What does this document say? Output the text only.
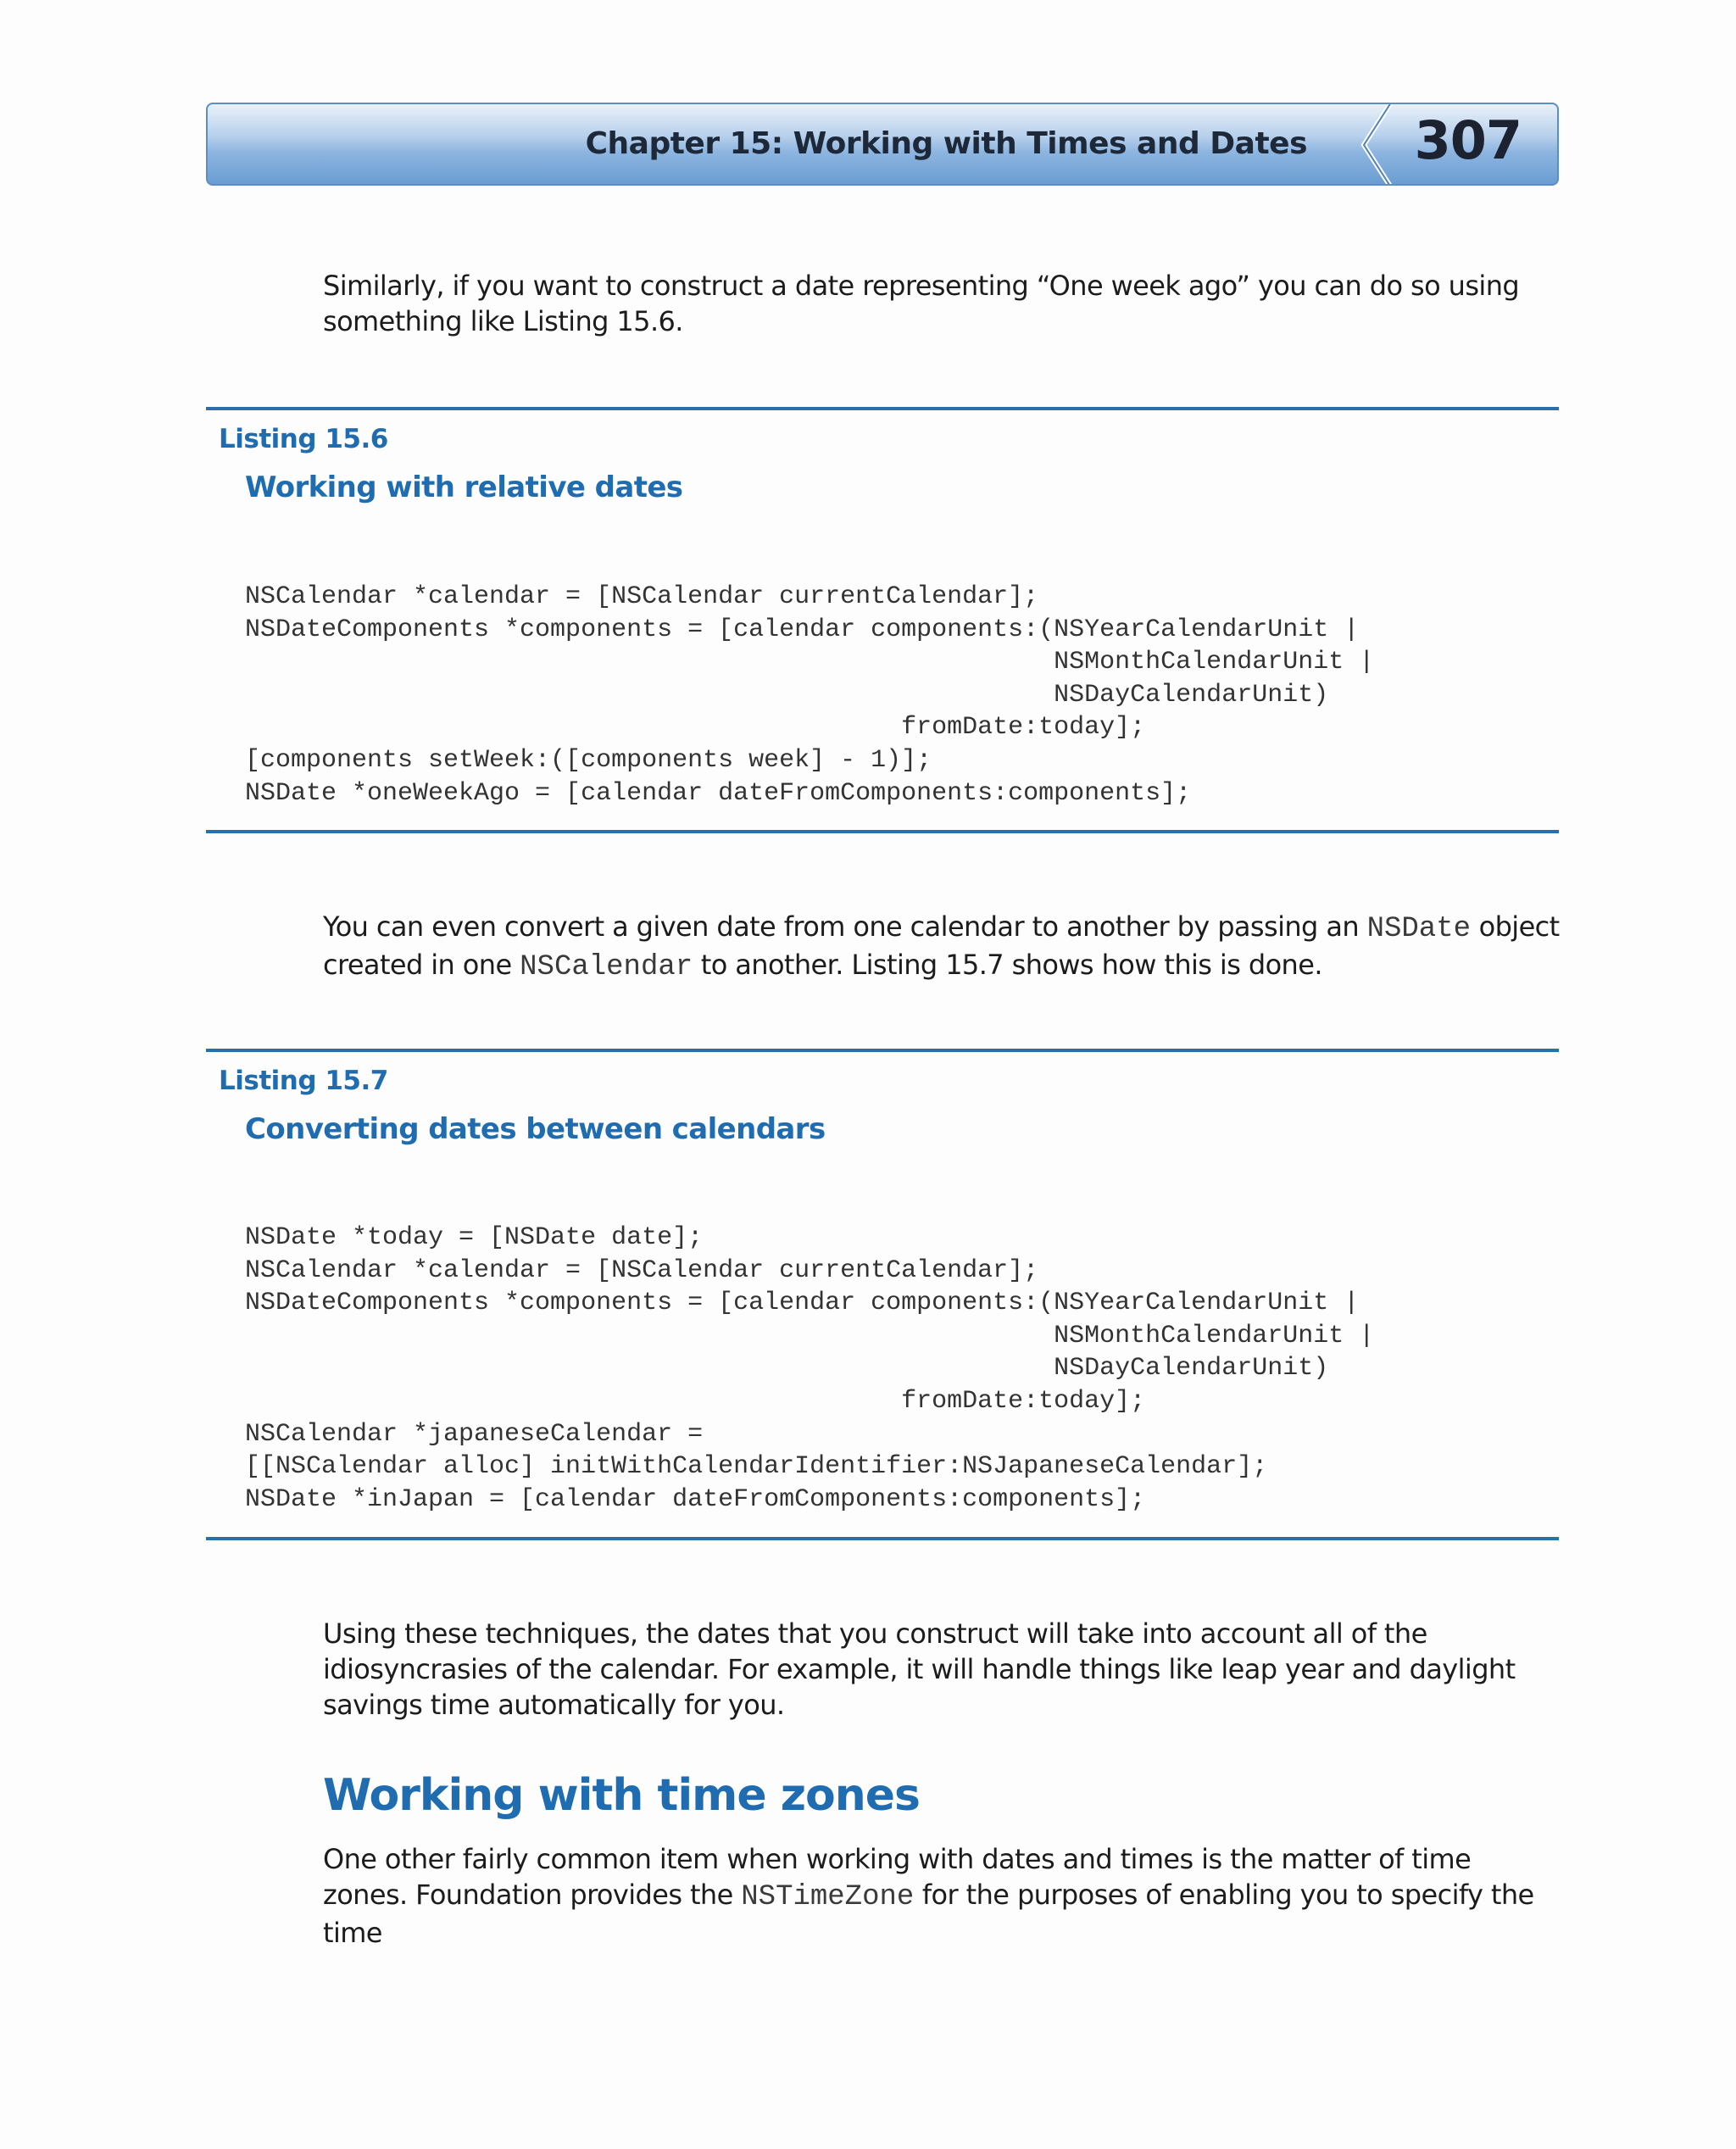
Chapter 15: Working with Times and Dates 307

Similarly, if you want to construct a date representing “One week ago” you can do so using something like Listing 15.6.

Listing 15.6
Working with relative dates
NSCalendar *calendar = [NSCalendar currentCalendar];
NSDateComponents *components = [calendar components:(NSYearCalendarUnit |
NSMonthCalendarUnit |
NSDayCalendarUnit)
fromDate:today];
[components setWeek:([components week] - 1)];
NSDate *oneWeekAgo = [calendar dateFromComponents:components];

You can even convert a given date from one calendar to another by passing an NSDate object created in one NSCalendar to another. Listing 15.7 shows how this is done.

Listing 15.7
Converting dates between calendars
NSDate *today = [NSDate date];
NSCalendar *calendar = [NSCalendar currentCalendar];
NSDateComponents *components = [calendar components:(NSYearCalendarUnit |
NSMonthCalendarUnit |
NSDayCalendarUnit)
fromDate:today];
NSCalendar *japaneseCalendar =
[[NSCalendar alloc] initWithCalendarIdentifier:NSJapaneseCalendar];
NSDate *inJapan = [calendar dateFromComponents:components];

Using these techniques, the dates that you construct will take into account all of the idiosyncrasies of the calendar. For example, it will handle things like leap year and daylight savings time automatically for you.

Working with time zones

One other fairly common item when working with dates and times is the matter of time zones. Foundation provides the NSTimeZone for the purposes of enabling you to specify the time
